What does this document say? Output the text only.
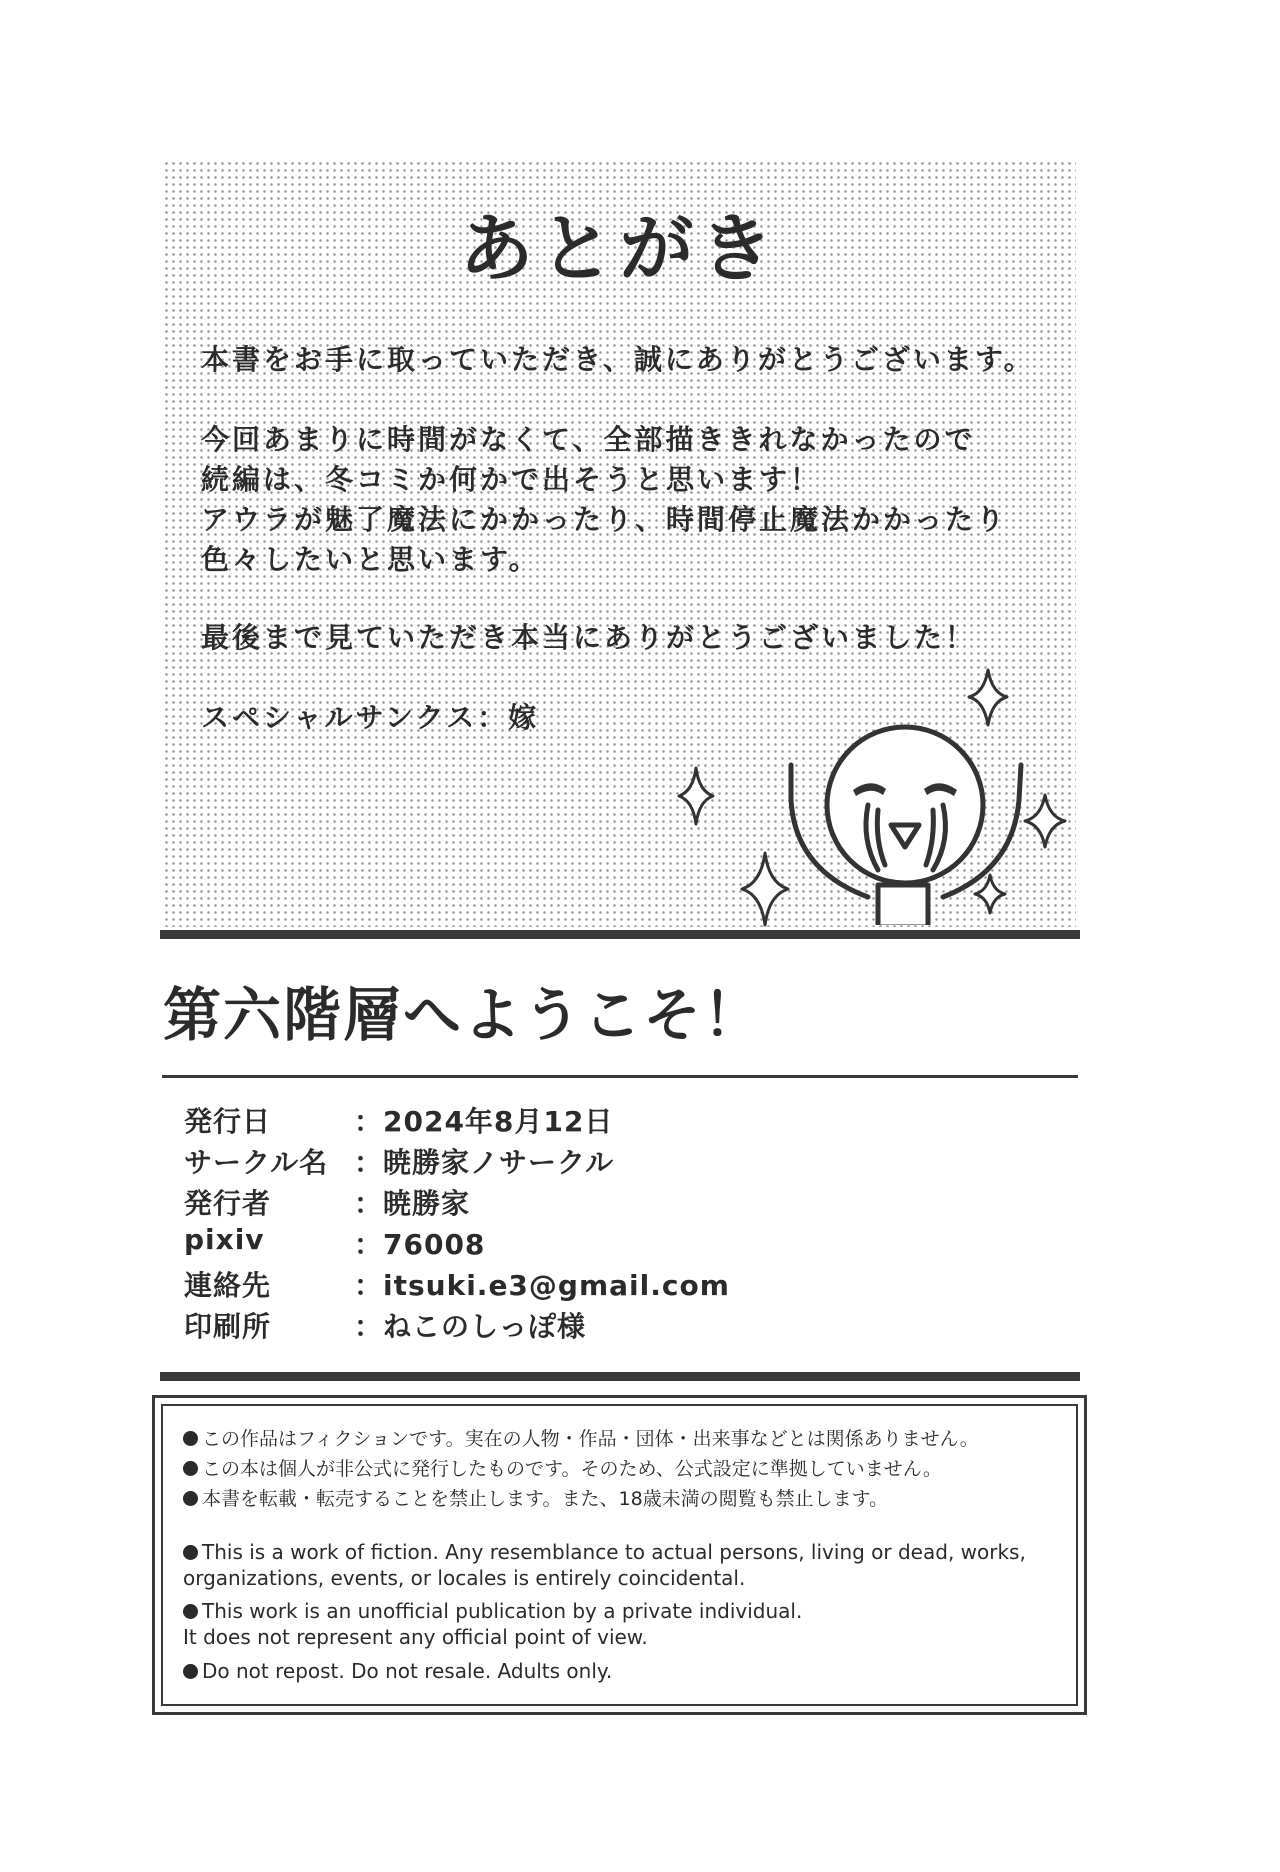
あとがき

本書をお手に取っていただき、誠にありがとうございます。

今回あまりに時間がなくて、全部描ききれなかったので

続編は、冬コミか何かで出そうと思います！

アウラが魅了魔法にかかったり、時間停止魔法かかったり

色々したいと思います。

最後まで見ていただき本当にありがとうございました！

スペシャルサンクス：嫁

第六階層へようこそ！
発行日	：2024年8月12日
サークル名 ：暁勝家ノサークル
発行者	：暁勝家
pixiv	：76008
連絡先	：itsuki.e3@gmail.com
印刷所	：ねこのしっぽ様

この作品はフィクションです。実在の人物・作品・団体・出来事などとは関係ありません。

この本は個人が非公式に発行したものです。そのため、公式設定に準拠していません。

本書を転載・転売することを禁止します。また、18歳未満の閲覧も禁止します。

This is a work of fiction. Any resemblance to actual persons, living or dead, works,

organizations, events, or locales is entirely coincidental.

This work is an unofficial publication by a private individual.

It does not represent any official point of view.

Do not repost. Do not resale. Adults only.
